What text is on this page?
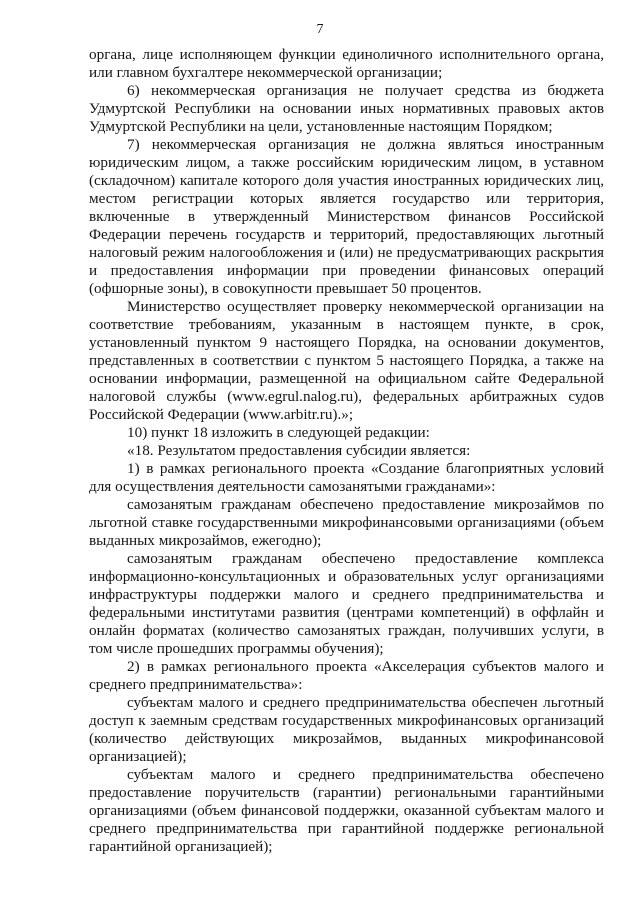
7

органа, лице исполняющем функции единоличного исполнительного органа, или главном бухгалтере некоммерческой организации;

6) некоммерческая организация не получает средства из бюджета Удмуртской Республики на основании иных нормативных правовых актов Удмуртской Республики на цели, установленные настоящим Порядком;

7) некоммерческая организация не должна являться иностранным юридическим лицом, а также российским юридическим лицом, в уставном (складочном) капитале которого доля участия иностранных юридических лиц, местом регистрации которых является государство или территория, включенные в утвержденный Министерством финансов Российской Федерации перечень государств и территорий, предоставляющих льготный налоговый режим налогообложения и (или) не предусматривающих раскрытия и предоставления информации при проведении финансовых операций (офшорные зоны), в совокупности превышает 50 процентов.

Министерство осуществляет проверку некоммерческой организации на соответствие требованиям, указанным в настоящем пункте, в срок, установленный пунктом 9 настоящего Порядка, на основании документов, представленных в соответствии с пунктом 5 настоящего Порядка, а также на основании информации, размещенной на официальном сайте Федеральной налоговой службы (www.egrul.nalog.ru), федеральных арбитражных судов Российской Федерации (www.arbitr.ru).»;

10) пункт 18 изложить в следующей редакции:

«18. Результатом предоставления субсидии является:

1) в рамках регионального проекта «Создание благоприятных условий для осуществления деятельности самозанятыми гражданами»:

самозанятым гражданам обеспечено предоставление микрозаймов по льготной ставке государственными микрофинансовыми организациями (объем выданных микрозаймов, ежегодно);

самозанятым гражданам обеспечено предоставление комплекса информационно-консультационных и образовательных услуг организациями инфраструктуры поддержки малого и среднего предпринимательства и федеральными институтами развития (центрами компетенций) в оффлайн и онлайн форматах (количество самозанятых граждан, получивших услуги, в том числе прошедших программы обучения);

2) в рамках регионального проекта «Акселерация субъектов малого и среднего предпринимательства»:

субъектам малого и среднего предпринимательства обеспечен льготный доступ к заемным средствам государственных микрофинансовых организаций (количество действующих микрозаймов, выданных микрофинансовой организацией);

субъектам малого и среднего предпринимательства обеспечено предоставление поручительств (гарантии) региональными гарантийными организациями (объем финансовой поддержки, оказанной субъектам малого и среднего предпринимательства при гарантийной поддержке региональной гарантийной организацией);
